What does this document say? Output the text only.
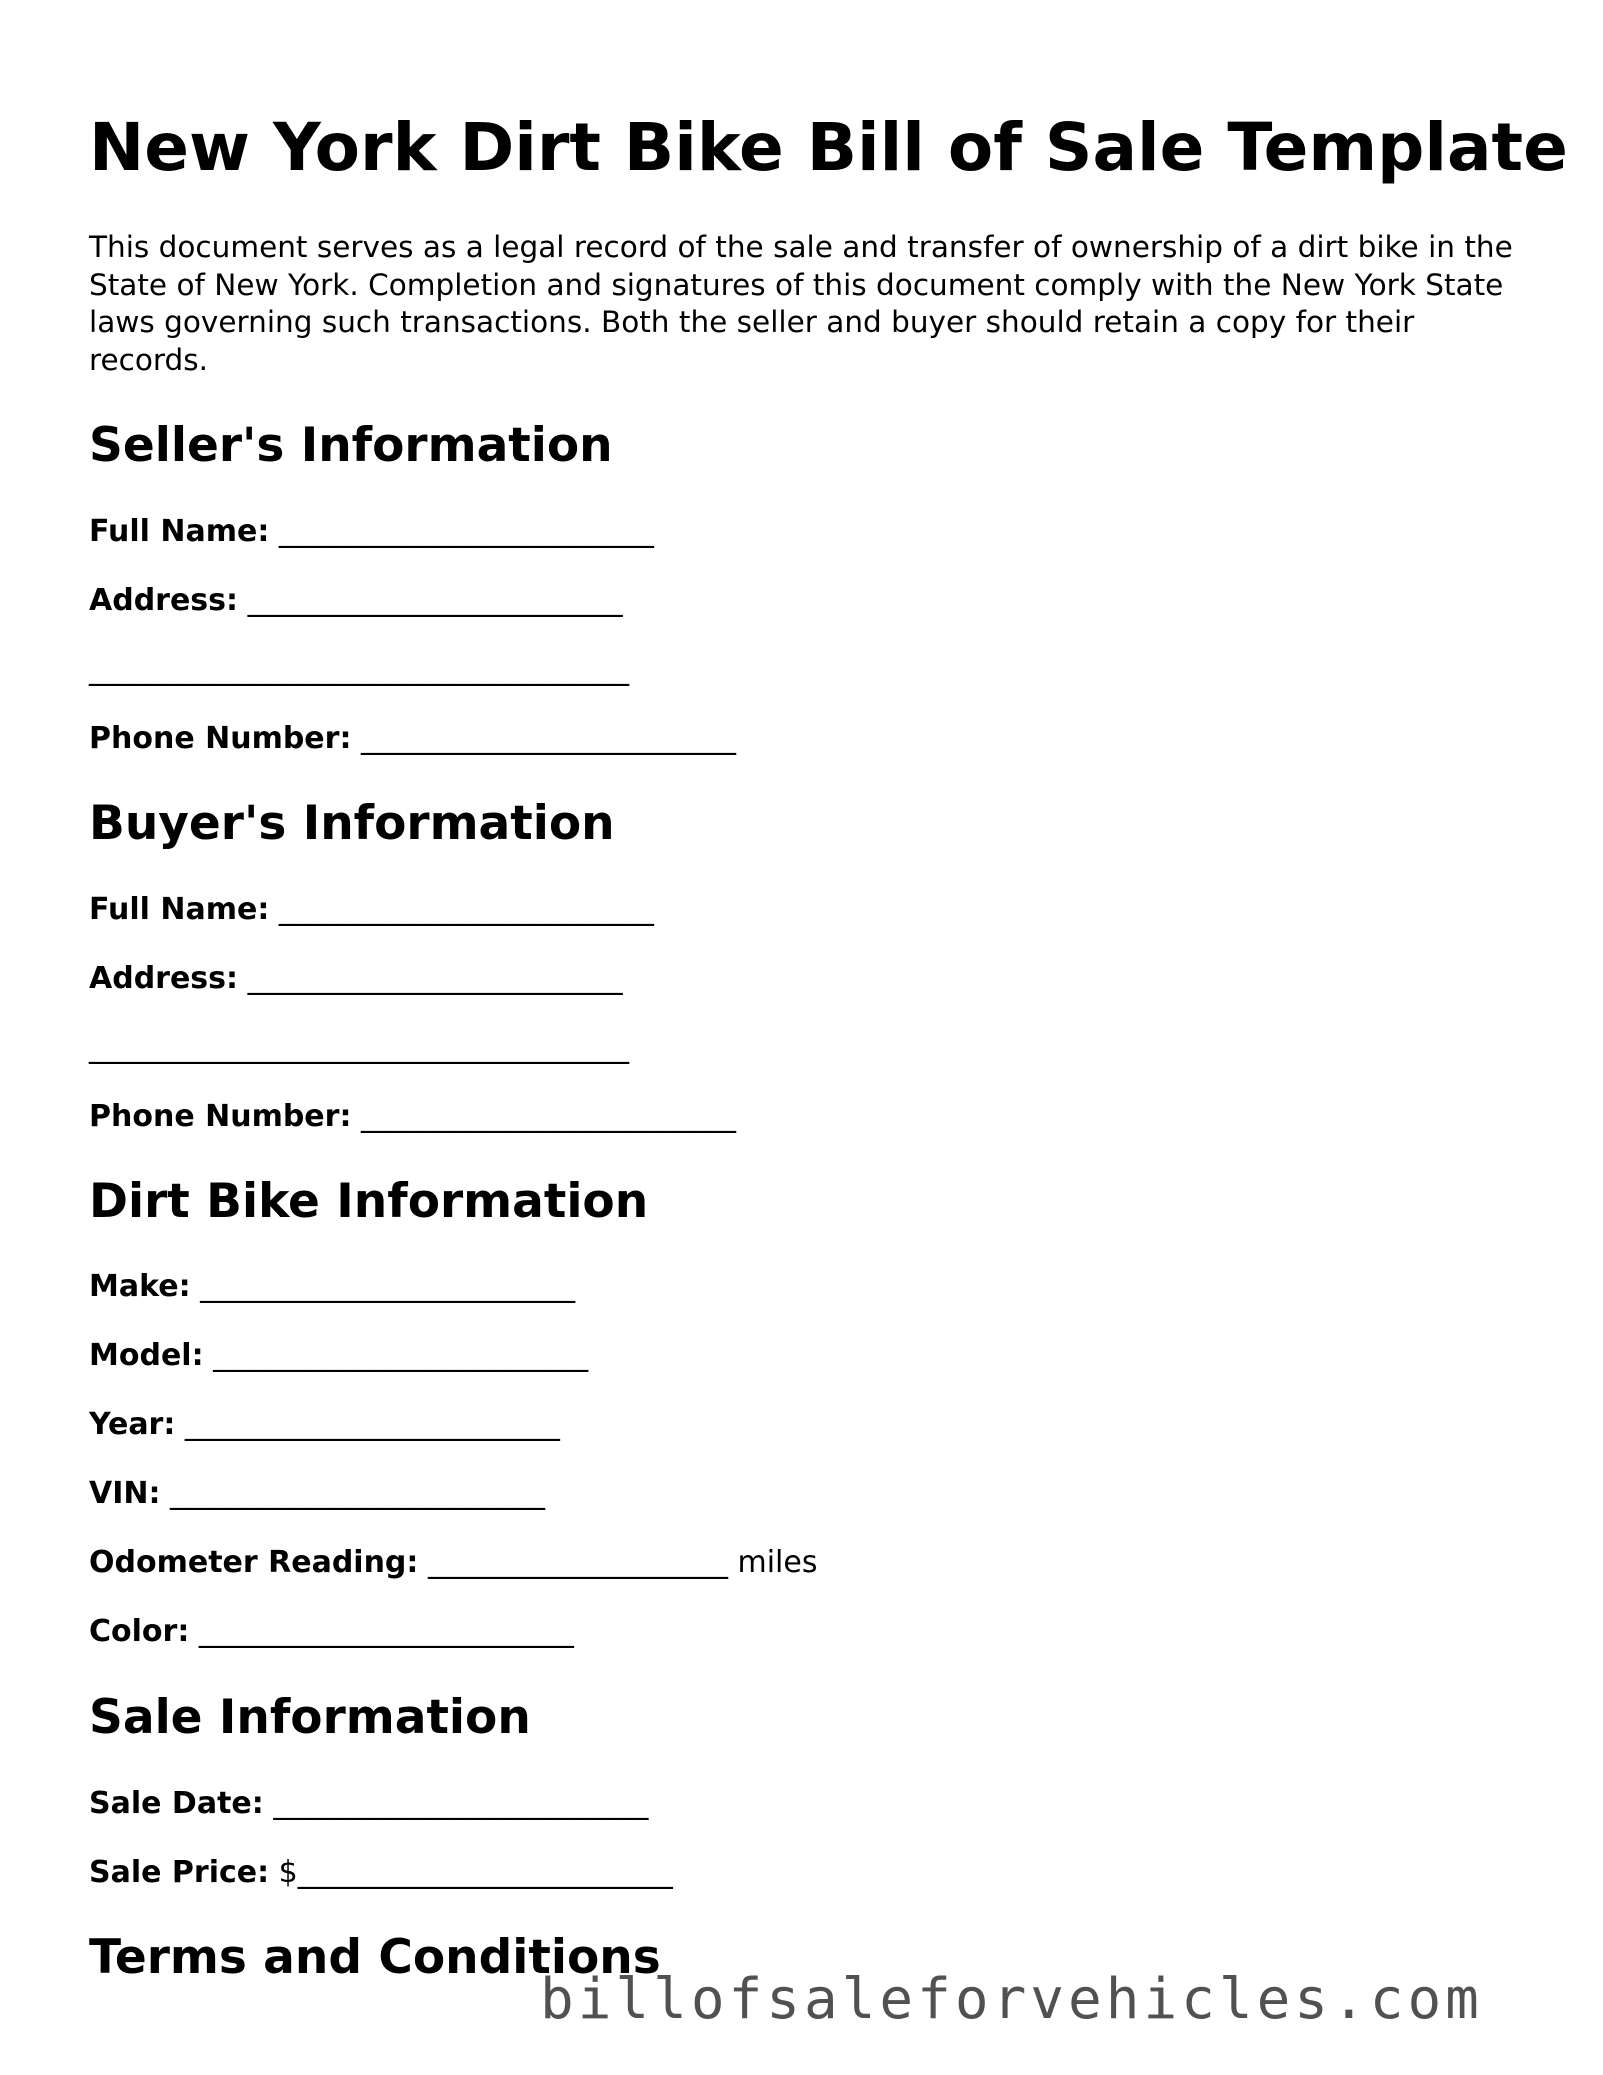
New York Dirt Bike Bill of Sale Template

This document serves as a legal record of the sale and transfer of ownership of a dirt bike in the State of New York. Completion and signatures of this document comply with the New York State laws governing such transactions. Both the seller and buyer should retain a copy for their records.

Seller's Information
Full Name: _________________________
Address: _________________________
____________________________________
Phone Number: _________________________
Buyer's Information
Full Name: _________________________
Address: _________________________
____________________________________
Phone Number: _________________________
Dirt Bike Information
Make: _________________________
Model: _________________________
Year: _________________________
VIN: _________________________
Odometer Reading: ____________________ miles
Color: _________________________
Sale Information
Sale Date: _________________________
Sale Price: $_________________________
Terms and Conditions
billofsaleforvehicles.com
